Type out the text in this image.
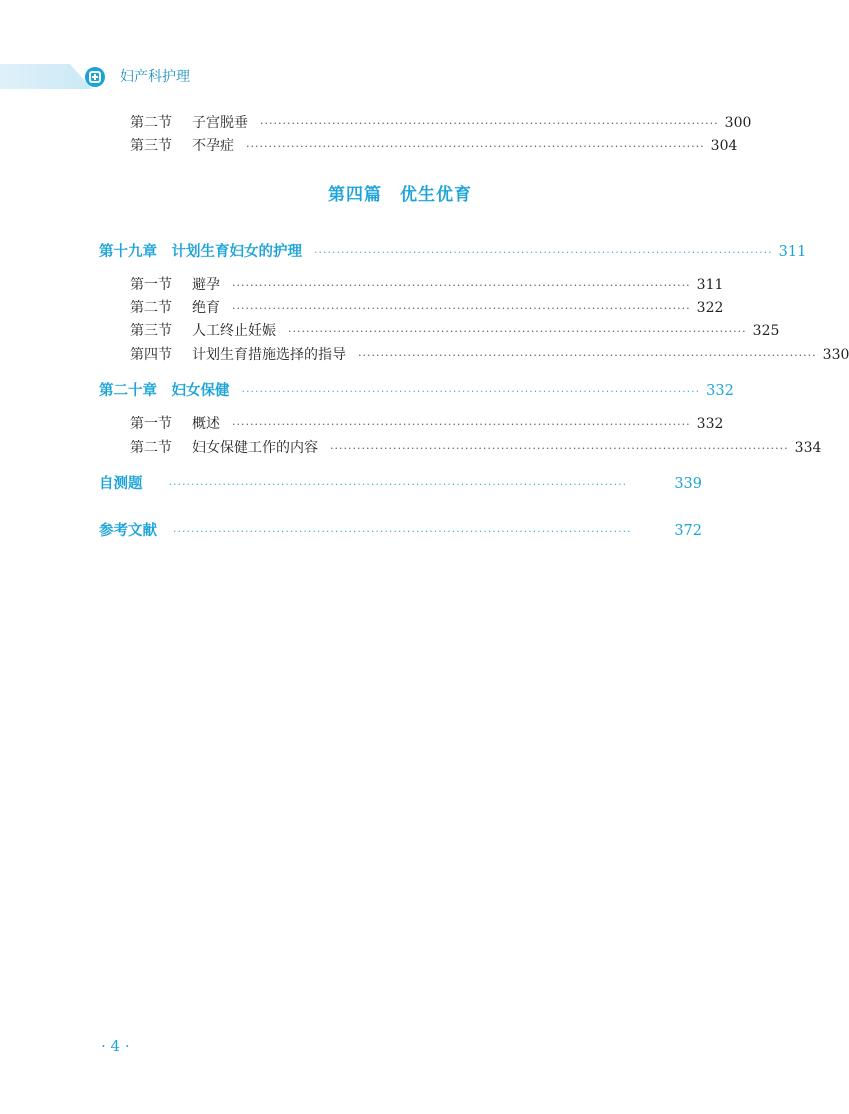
妇产科护理
第二节 子宫脱垂 ······································································································ 300
第三节 不孕症 ······································································································ 304
第四篇　优生优育
第十九章　计划生育妇女的护理 ······································································································ 311
第一节 避孕 ······································································································ 311
第二节 绝育 ······································································································ 322
第三节 人工终止妊娠 ······································································································ 325
第四节 计划生育措施选择的指导 ······································································································ 330
第二十章　妇女保健 ······································································································ 332
第一节 概述 ······································································································ 332
第二节 妇女保健工作的内容 ······································································································ 334
自测题 ······································································································	339
参考文献 ······································································································	372
· 4 ·
